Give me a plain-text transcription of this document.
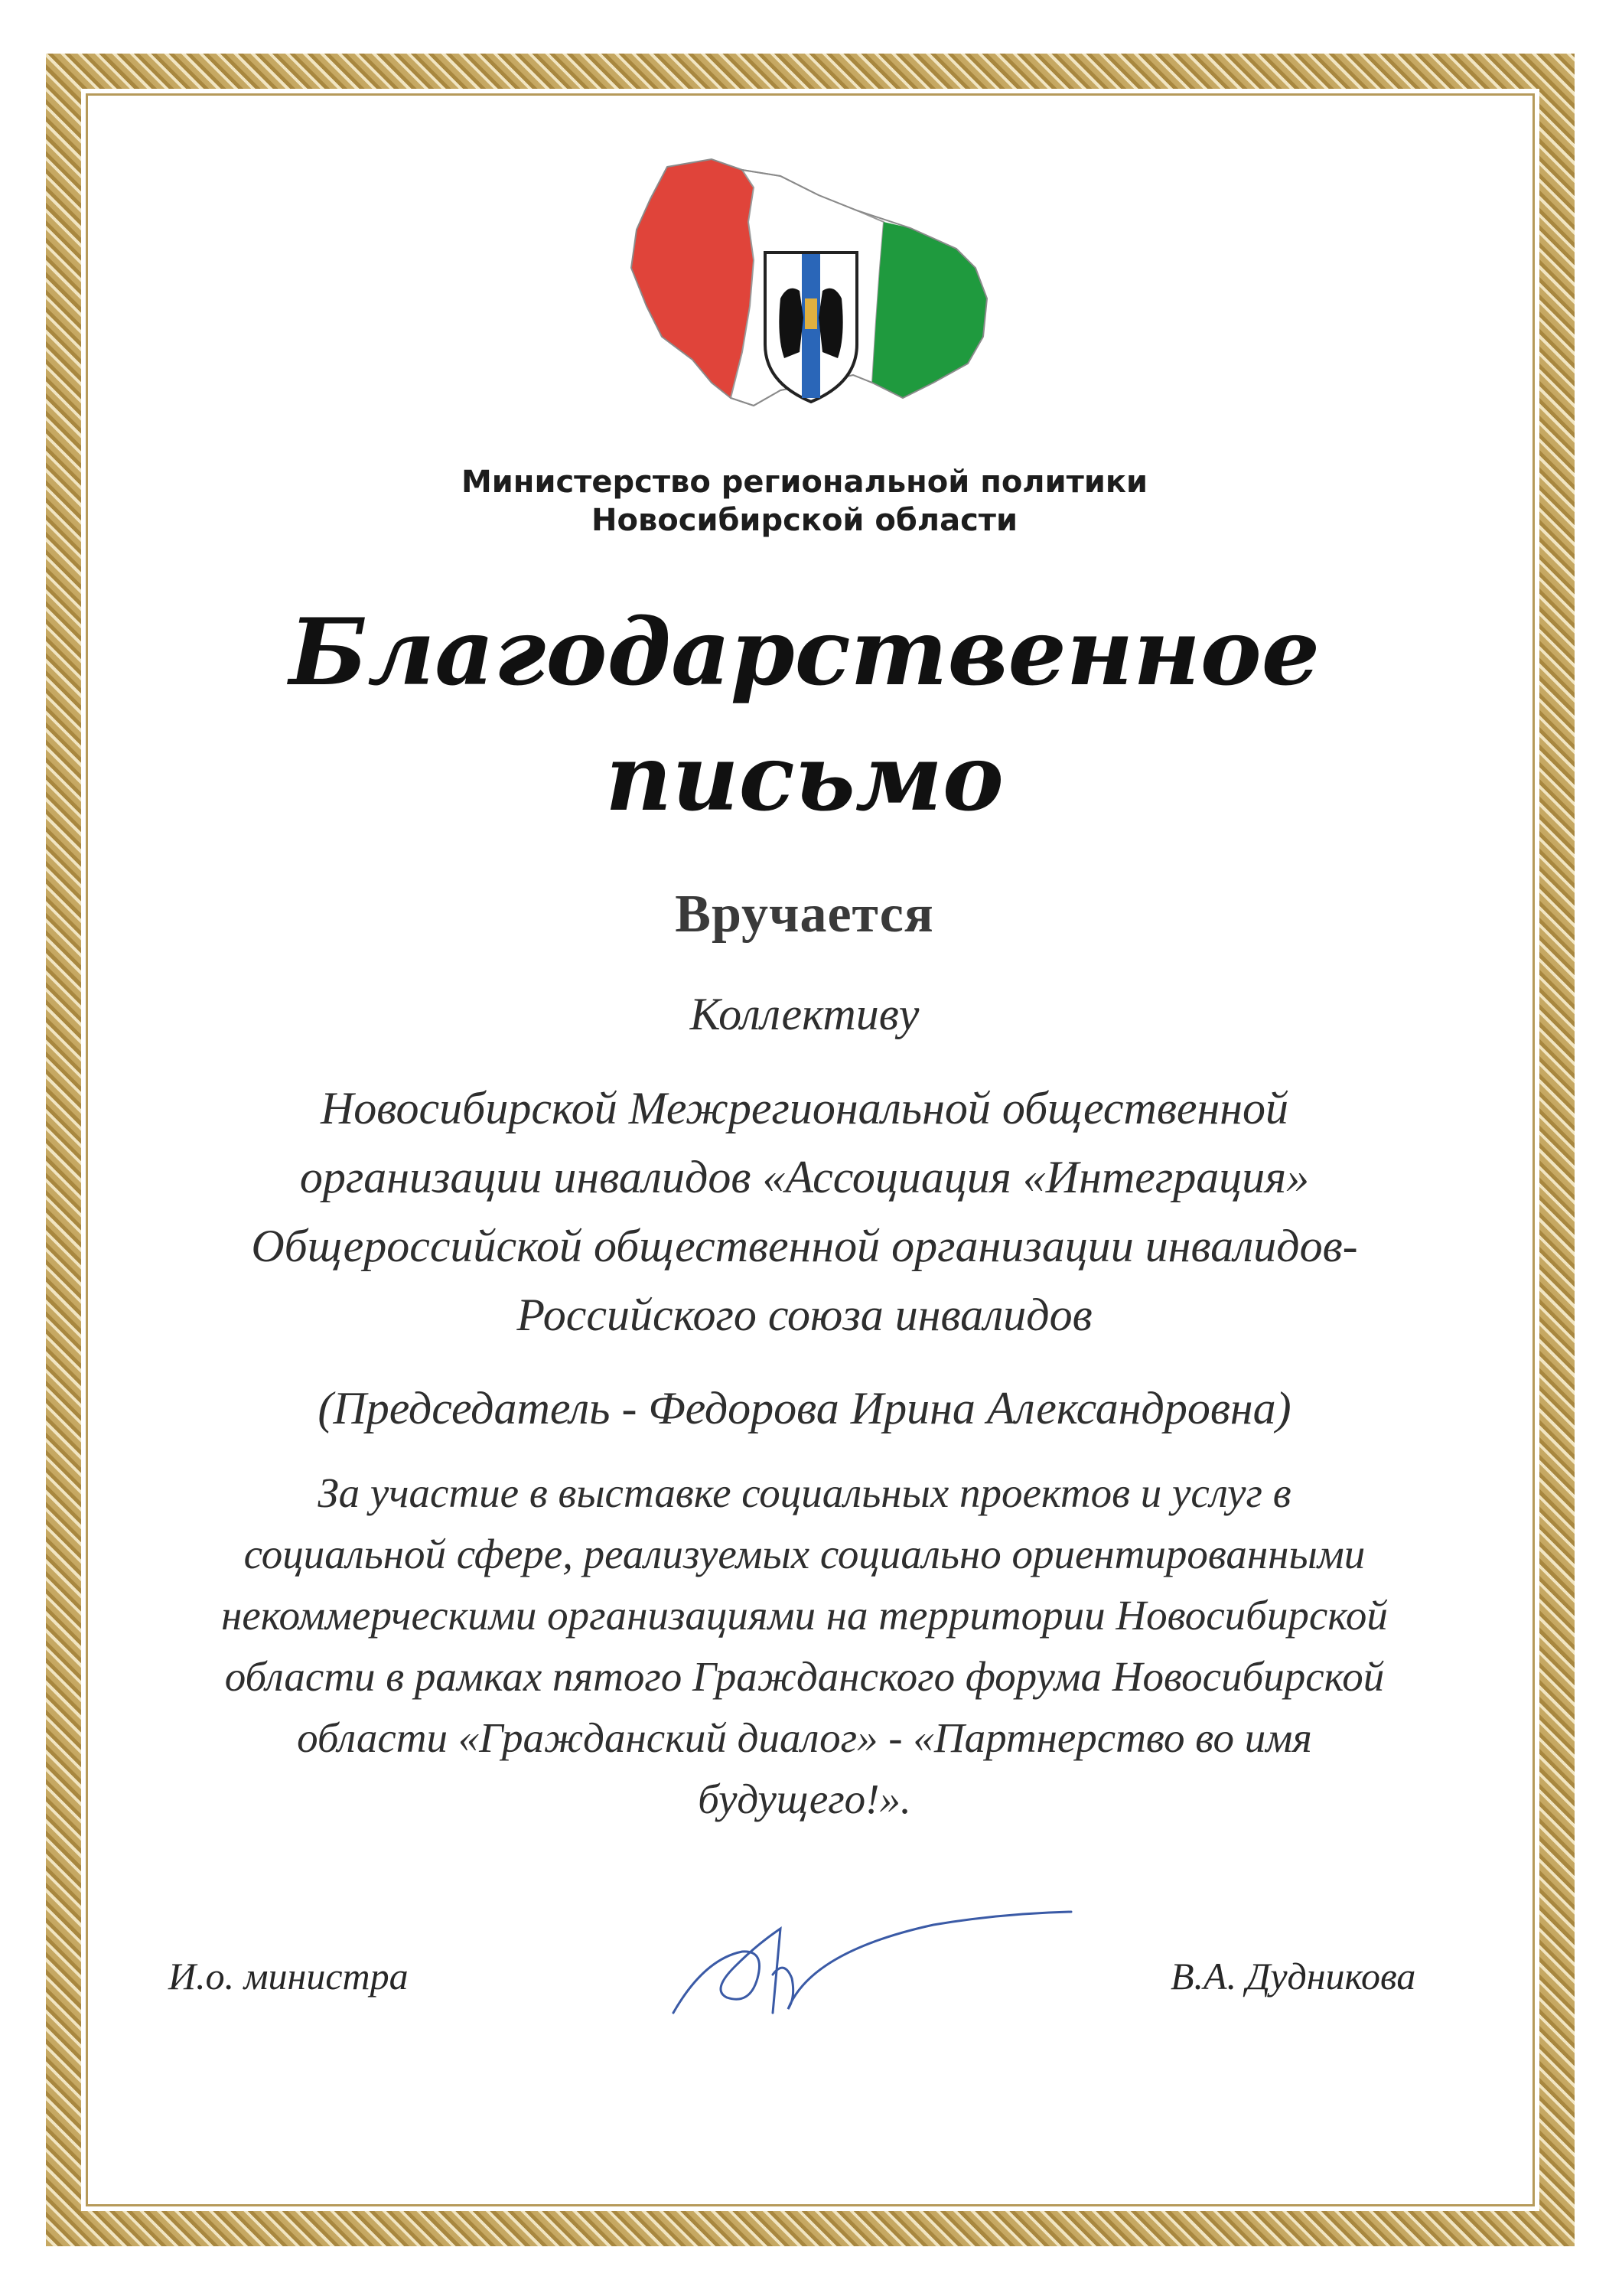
Министерство региональной политики
Новосибирской области
Благодарственное
письмо
Вручается
Коллективу
Новосибирской Межрегиональной общественной
организации инвалидов «Ассоциация «Интеграция»
Общероссийской общественной организации инвалидов-
Российского союза инвалидов
(Председатель - Федорова Ирина Александровна)
За участие в выставке социальных проектов и услуг в
социальной сфере, реализуемых социально ориентированными
некоммерческими организациями на территории Новосибирской
области в рамках пятого Гражданского форума Новосибирской
области «Гражданский диалог» - «Партнерство во имя
будущего!».
И.о. министра	В.А. Дудникова
